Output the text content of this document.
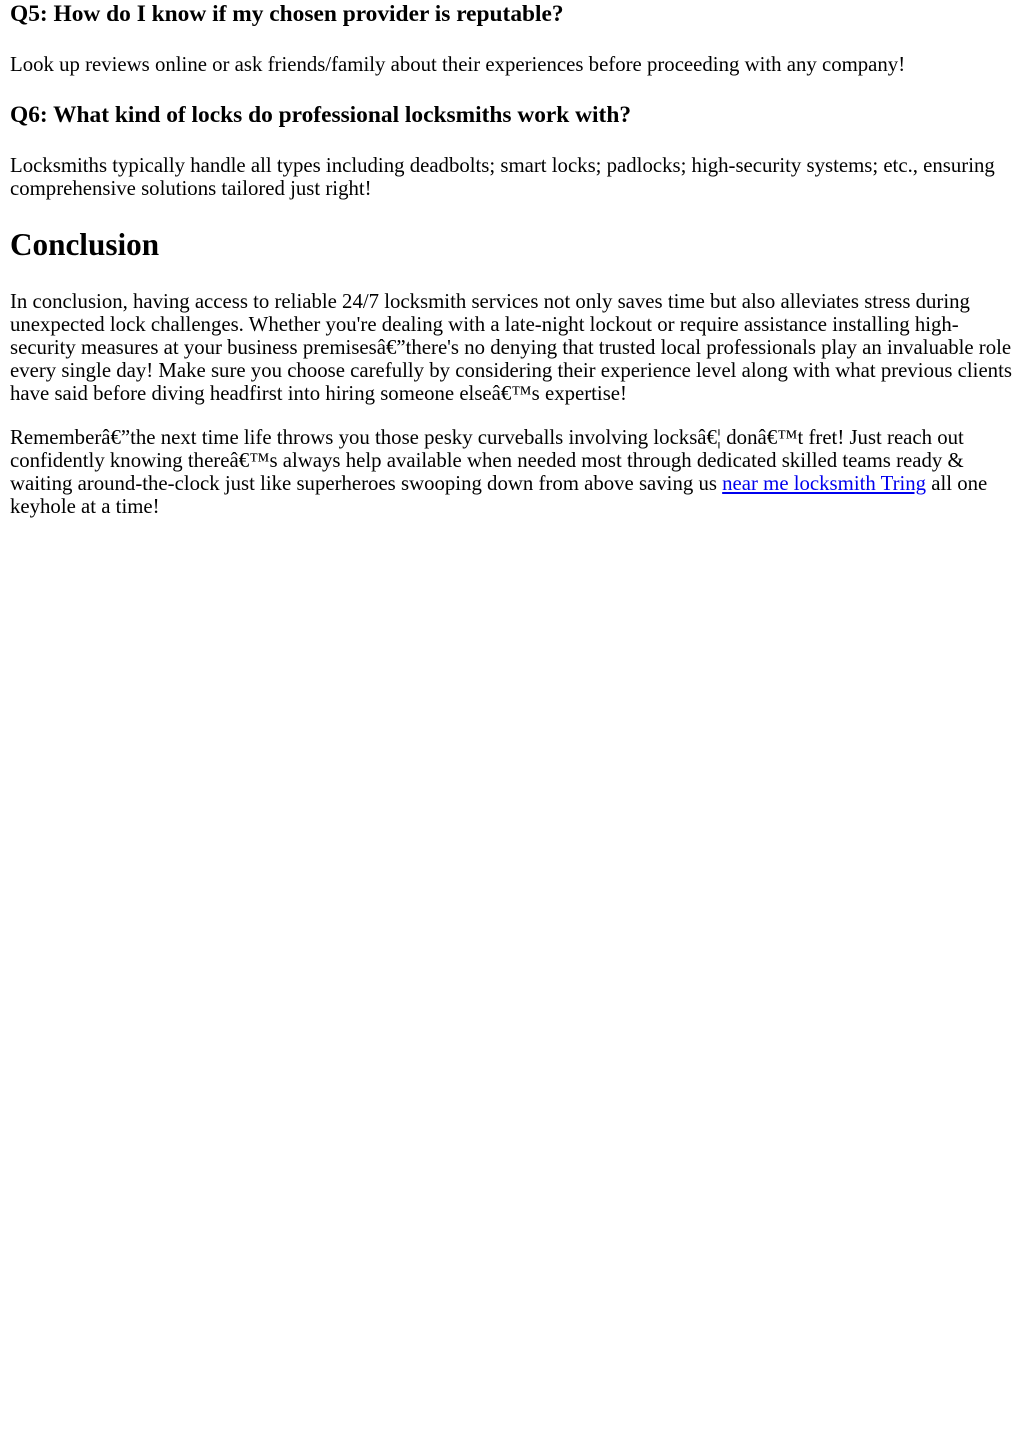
Q5: How do I know if my chosen provider is reputable?

Look up reviews online or ask friends/family about their experiences before proceeding with any company!

Q6: What kind of locks do professional locksmiths work with?

Locksmiths typically handle all types including deadbolts; smart locks; padlocks; high-security systems; etc., ensuring comprehensive solutions tailored just right!

Conclusion

In conclusion, having access to reliable 24/7 locksmith services not only saves time but also alleviates stress during unexpected lock challenges. Whether you're dealing with a late-night lockout or require assistance installing high-security measures at your business premisesâ€”there's no denying that trusted local professionals play an invaluable role every single day! Make sure you choose carefully by considering their experience level along with what previous clients have said before diving headfirst into hiring someone elseâ€™s expertise!

Rememberâ€”the next time life throws you those pesky curveballs involving locksâ€¦ donâ€™t fret! Just reach out confidently knowing thereâ€™s always help available when needed most through dedicated skilled teams ready & waiting around-the-clock just like superheroes swooping down from above saving us near me locksmith Tring all one keyhole at a time!
